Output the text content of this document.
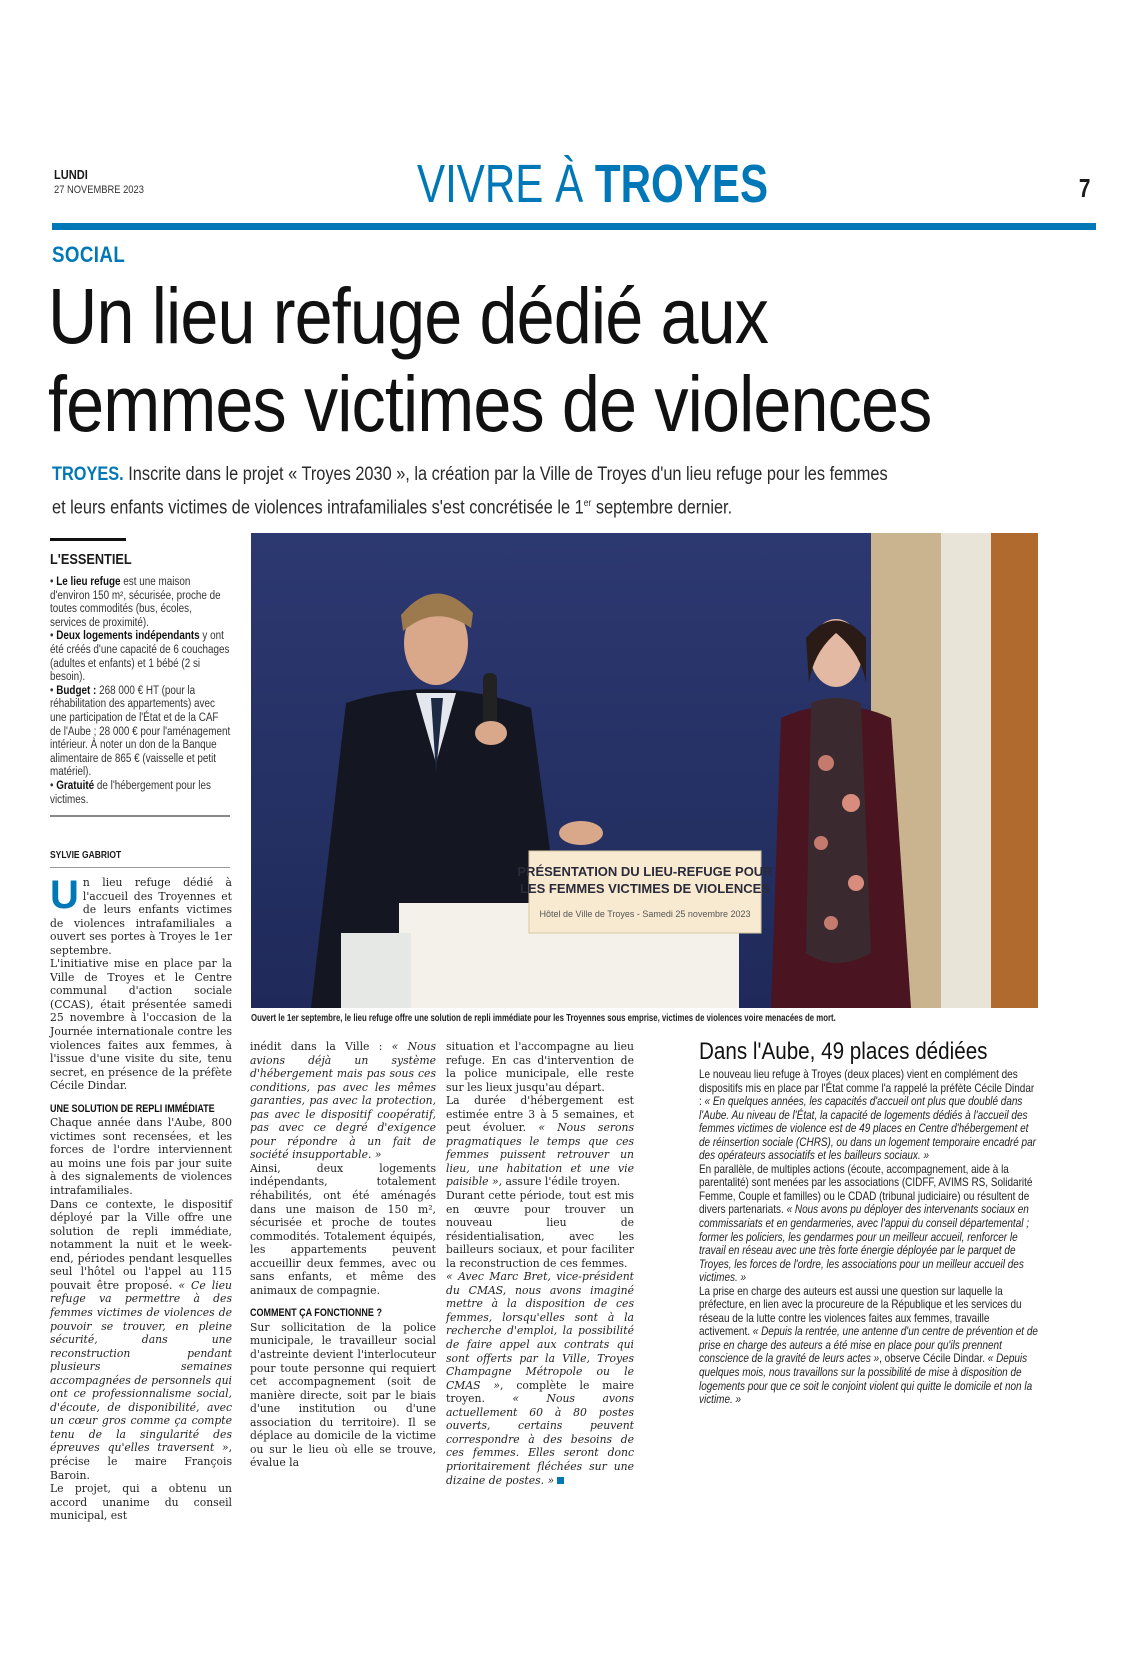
LUNDI
27 NOVEMBRE 2023	VIVRE À TROYES	7
SOCIAL
Un lieu refuge dédié aux
femmes victimes de violences
TROYES. Inscrite dans le projet « Troyes 2030 », la création par la Ville de Troyes d'un lieu refuge pour les femmes
et leurs enfants victimes de violences intrafamiliales s'est concrétisée le 1er septembre dernier.
L'ESSENTIEL
• Le lieu refuge est une maison d'environ 150 m², sécurisée, proche de toutes commodités (bus, écoles, services de proximité).
• Deux logements indépendants y ont été créés d'une capacité de 6 couchages (adultes et enfants) et 1 bébé (2 si besoin).
• Budget : 268 000 € HT (pour la réhabilitation des appartements) avec une participation de l'État et de la CAF de l'Aube ; 28 000 € pour l'aménagement intérieur. À noter un don de la Banque alimentaire de 865 € (vaisselle et petit matériel).
• Gratuité de l'hébergement pour les victimes.
SYLVIE GABRIOT

Un lieu refuge dédié à l'accueil des Troyennes et de leurs enfants victimes de violences intrafamiliales a ouvert ses portes à Troyes le 1er septembre.

L'initiative mise en place par la Ville de Troyes et le Centre communal d'action sociale (CCAS), était présentée samedi 25 novembre à l'occasion de la Journée internationale contre les violences faites aux femmes, à l'issue d'une visite du site, tenu secret, en présence de la préfète Cécile Dindar.

UNE SOLUTION DE REPLI IMMÉDIATE

Chaque année dans l'Aube, 800 victimes sont recensées, et les forces de l'ordre interviennent au moins une fois par jour suite à des signalements de violences intrafamiliales.

Dans ce contexte, le dispositif déployé par la Ville offre une solution de repli immédiate, notamment la nuit et le week-end, périodes pendant lesquelles seul l'hôtel ou l'appel au 115 pouvait être proposé. « Ce lieu refuge va permettre à des femmes victimes de violences de pouvoir se trouver, en pleine sécurité, dans une reconstruction pendant plusieurs semaines accompagnées de personnels qui ont ce professionnalisme social, d'écoute, de disponibilité, avec un cœur gros comme ça compte tenu de la singularité des épreuves qu'elles traversent », précise le maire François Baroin.

Le projet, qui a obtenu un accord unanime du conseil municipal, est

PRÉSENTATION DU LIEU-REFUGE POUR
LES FEMMES VICTIMES DE VIOLENCES
Hôtel de Ville de Troyes - Samedi 25 novembre 2023
Ouvert le 1er septembre, le lieu refuge offre une solution de repli immédiate pour les Troyennes sous emprise, victimes de violences voire menacées de mort.

inédit dans la Ville : « Nous avions déjà un système d'hébergement mais pas sous ces conditions, pas avec les mêmes garanties, pas avec la protection, pas avec le dispositif coopératif, pas avec ce degré d'exigence pour répondre à un fait de société insupportable. »

Ainsi, deux logements indépendants, totalement réhabilités, ont été aménagés dans une maison de 150 m², sécurisée et proche de toutes commodités. Totalement équipés, les appartements peuvent accueillir deux femmes, avec ou sans enfants, et même des animaux de compagnie.

COMMENT ÇA FONCTIONNE ?

Sur sollicitation de la police municipale, le travailleur social d'astreinte devient l'interlocuteur pour toute personne qui requiert cet accompagnement (soit de manière directe, soit par le biais d'une institution ou d'une association du territoire). Il se déplace au domicile de la victime ou sur le lieu où elle se trouve, évalue la

situation et l'accompagne au lieu refuge. En cas d'intervention de la police municipale, elle reste sur les lieux jusqu'au départ.

La durée d'hébergement est estimée entre 3 à 5 semaines, et peut évoluer. « Nous serons pragmatiques le temps que ces femmes puissent retrouver un lieu, une habitation et une vie paisible », assure l'édile troyen.

Durant cette période, tout est mis en œuvre pour trouver un nouveau lieu de résidentialisation, avec les bailleurs sociaux, et pour faciliter la reconstruction de ces femmes.

« Avec Marc Bret, vice-président du CMAS, nous avons imaginé mettre à la disposition de ces femmes, lorsqu'elles sont à la recherche d'emploi, la possibilité de faire appel aux contrats qui sont offerts par la Ville, Troyes Champagne Métropole ou le CMAS », complète le maire troyen. « Nous avons actuellement 60 à 80 postes ouverts, certains peuvent correspondre à des besoins de ces femmes. Elles seront donc prioritairement fléchées sur une dizaine de postes. »

Dans l'Aube, 49 places dédiées

Le nouveau lieu refuge à Troyes (deux places) vient en complément des dispositifs mis en place par l'État comme l'a rappelé la préfète Cécile Dindar : « En quelques années, les capacités d'accueil ont plus que doublé dans l'Aube. Au niveau de l'État, la capacité de logements dédiés à l'accueil des femmes victimes de violence est de 49 places en Centre d'hébergement et de réinsertion sociale (CHRS), ou dans un logement temporaire encadré par des opérateurs associatifs et les bailleurs sociaux. »

En parallèle, de multiples actions (écoute, accompagnement, aide à la parentalité) sont menées par les associations (CIDFF, AVIMS RS, Solidarité Femme, Couple et familles) ou le CDAD (tribunal judiciaire) ou résultent de divers partenariats. « Nous avons pu déployer des intervenants sociaux en commissariats et en gendarmeries, avec l'appui du conseil départemental ; former les policiers, les gendarmes pour un meilleur accueil, renforcer le travail en réseau avec une très forte énergie déployée par le parquet de Troyes, les forces de l'ordre, les associations pour un meilleur accueil des victimes. »

La prise en charge des auteurs est aussi une question sur laquelle la préfecture, en lien avec la procureure de la République et les services du réseau de la lutte contre les violences faites aux femmes, travaille activement. « Depuis la rentrée, une antenne d'un centre de prévention et de prise en charge des auteurs a été mise en place pour qu'ils prennent conscience de la gravité de leurs actes », observe Cécile Dindar. « Depuis quelques mois, nous travaillons sur la possibilité de mise à disposition de logements pour que ce soit le conjoint violent qui quitte le domicile et non la victime. »
